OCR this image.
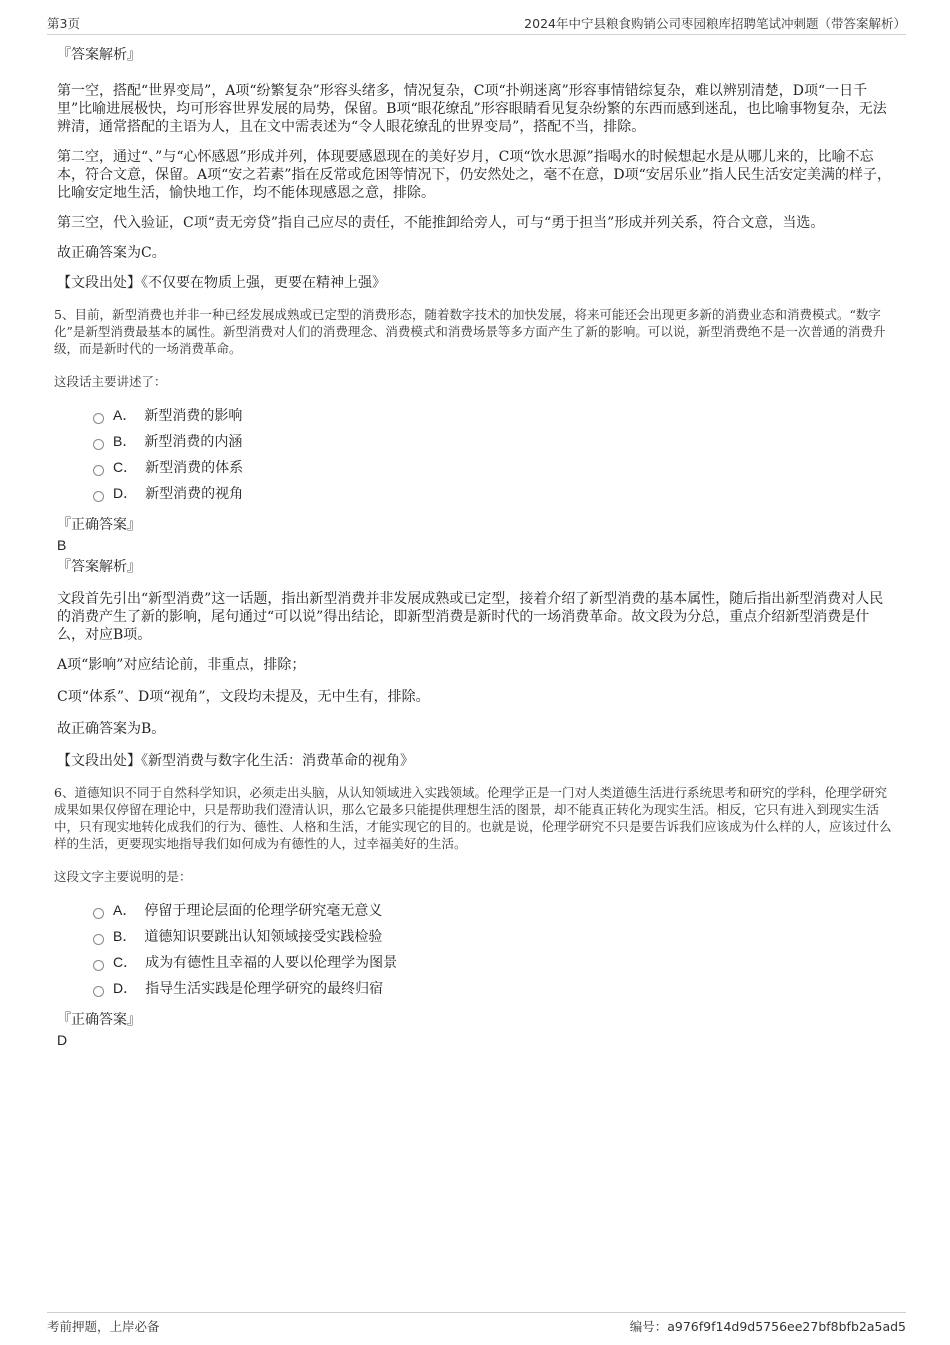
第3页	2024年中宁县粮食购销公司枣园粮库招聘笔试冲刺题（带答案解析）

『答案解析』

第一空，搭配“世界变局”，A项“纷繁复杂”形容头绪多，情况复杂，C项“扑朔迷离”形容事情错综复杂，难以辨别清楚，D项“一日千里”比喻进展极快，均可形容世界发展的局势，保留。B项“眼花缭乱”形容眼睛看见复杂纷繁的东西而感到迷乱，也比喻事物复杂，无法辨清，通常搭配的主语为人，且在文中需表述为“令人眼花缭乱的世界变局”，搭配不当，排除。

第二空，通过“、”与“心怀感恩”形成并列，体现要感恩现在的美好岁月，C项“饮水思源”指喝水的时候想起水是从哪儿来的，比喻不忘本，符合文意，保留。A项“安之若素”指在反常或危困等情况下，仍安然处之，毫不在意，D项“安居乐业”指人民生活安定美满的样子，比喻安定地生活，愉快地工作，均不能体现感恩之意，排除。

第三空，代入验证，C项“责无旁贷”指自己应尽的责任，不能推卸给旁人，可与“勇于担当”形成并列关系，符合文意，当选。

故正确答案为C。

【文段出处】《不仅要在物质上强，更要在精神上强》

5、目前，新型消费也并非一种已经发展成熟或已定型的消费形态，随着数字技术的加快发展，将来可能还会出现更多新的消费业态和消费模式。“数字化”是新型消费最基本的属性。新型消费对人们的消费理念、消费模式和消费场景等多方面产生了新的影响。可以说，新型消费绝不是一次普通的消费升级，而是新时代的一场消费革命。

这段话主要讲述了：

A． 新型消费的影响
B． 新型消费的内涵
C． 新型消费的体系
D． 新型消费的视角

『正确答案』

B

『答案解析』

文段首先引出“新型消费”这一话题，指出新型消费并非发展成熟或已定型，接着介绍了新型消费的基本属性，随后指出新型消费对人民的消费产生了新的影响，尾句通过“可以说”得出结论，即新型消费是新时代的一场消费革命。故文段为分总，重点介绍新型消费是什么，对应B项。

A项“影响”对应结论前，非重点，排除；

C项“体系”、D项“视角”，文段均未提及，无中生有，排除。

故正确答案为B。

【文段出处】《新型消费与数字化生活：消费革命的视角》

6、道德知识不同于自然科学知识，必须走出头脑，从认知领域进入实践领域。伦理学正是一门对人类道德生活进行系统思考和研究的学科，伦理学研究成果如果仅停留在理论中，只是帮助我们澄清认识，那么它最多只能提供理想生活的图景，却不能真正转化为现实生活。相反，它只有进入到现实生活中，只有现实地转化成我们的行为、德性、人格和生活，才能实现它的目的。也就是说，伦理学研究不只是要告诉我们应该成为什么样的人，应该过什么样的生活，更要现实地指导我们如何成为有德性的人，过幸福美好的生活。

这段文字主要说明的是：

A． 停留于理论层面的伦理学研究毫无意义
B． 道德知识要跳出认知领域接受实践检验
C． 成为有德性且幸福的人要以伦理学为图景
D． 指导生活实践是伦理学研究的最终归宿

『正确答案』

D

考前押题，上岸必备	编号：a976f9f14d9d5756ee27bf8bfb2a5ad5
